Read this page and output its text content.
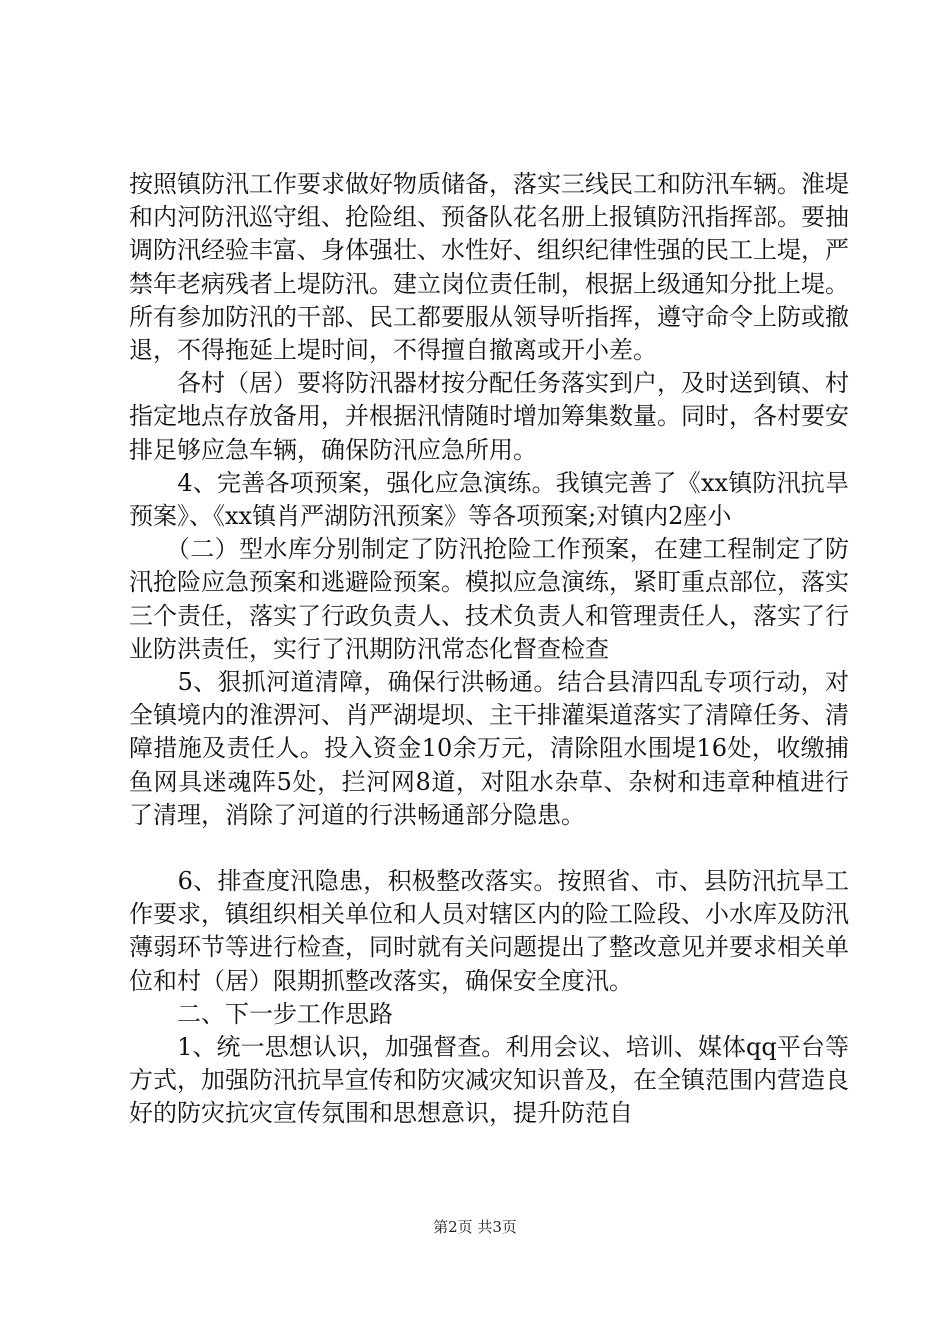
按照镇防汛工作要求做好物质储备，落实三线民工和防汛车辆。淮堤和内河防汛巡守组、抢险组、预备队花名册上报镇防汛指挥部。要抽调防汛经验丰富、身体强壮、水性好、组织纪律性强的民工上堤，严禁年老病残者上堤防汛。建立岗位责任制，根据上级通知分批上堤。所有参加防汛的干部、民工都要服从领导听指挥，遵守命令上防或撤退，不得拖延上堤时间，不得擅自撤离或开小差。

　　各村（居）要将防汛器材按分配任务落实到户，及时送到镇、村指定地点存放备用，并根据汛情随时增加筹集数量。同时，各村要安排足够应急车辆，确保防汛应急所用。

　　4、完善各项预案，强化应急演练。我镇完善了《xx镇防汛抗旱预案》、《xx镇肖严湖防汛预案》等各项预案;对镇内2座小

　　（二）型水库分别制定了防汛抢险工作预案，在建工程制定了防汛抢险应急预案和逃避险预案。模拟应急演练，紧盯重点部位，落实三个责任，落实了行政负责人、技术负责人和管理责任人，落实了行业防洪责任，实行了汛期防汛常态化督查检查

　　5、狠抓河道清障，确保行洪畅通。结合县清四乱专项行动，对全镇境内的淮淠河、肖严湖堤坝、主干排灌渠道落实了清障任务、清障措施及责任人。投入资金10余万元，清除阻水围堤16处，收缴捕鱼网具迷魂阵5处，拦河网8道，对阻水杂草、杂树和违章种植进行了清理，消除了河道的行洪畅通部分隐患。

　　6、排查度汛隐患，积极整改落实。按照省、市、县防汛抗旱工作要求，镇组织相关单位和人员对辖区内的险工险段、小水库及防汛薄弱环节等进行检查，同时就有关问题提出了整改意见并要求相关单位和村（居）限期抓整改落实，确保安全度汛。

　　二、下一步工作思路

　　1、统一思想认识，加强督查。利用会议、培训、媒体qq平台等方式，加强防汛抗旱宣传和防灾减灾知识普及，在全镇范围内营造良好的防灾抗灾宣传氛围和思想意识，提升防范自

第2页 共3页
